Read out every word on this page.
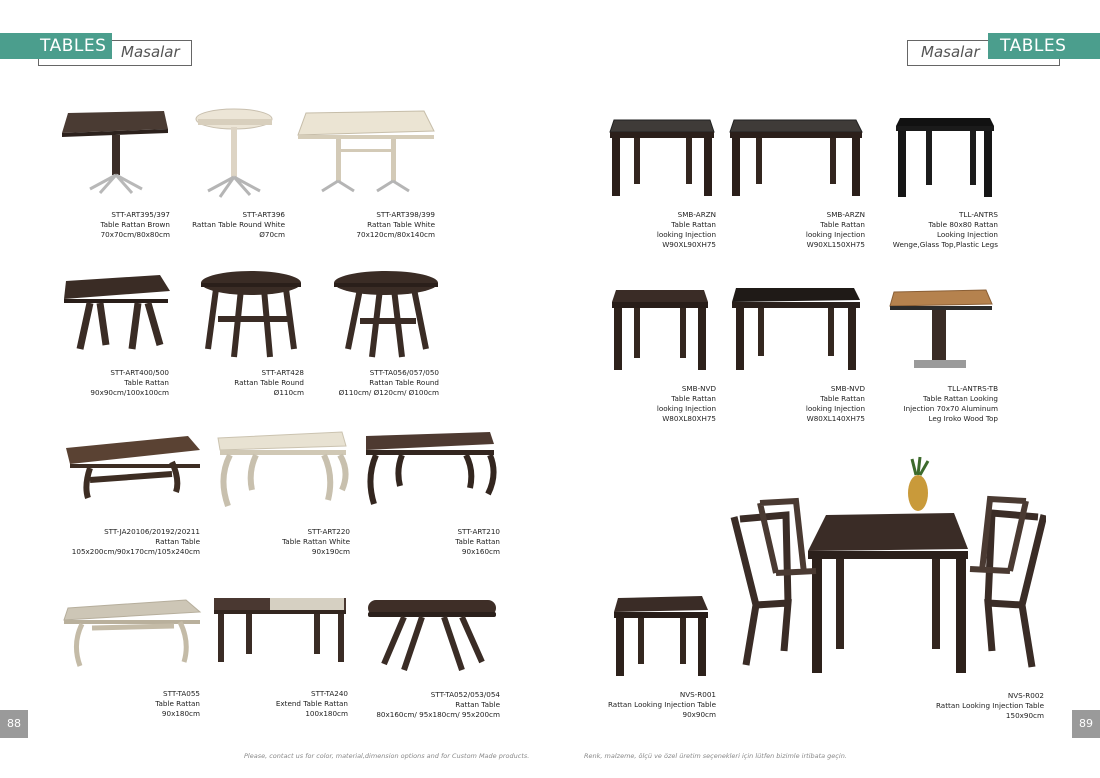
TABLES Masalar	Masalar	TABLES
88	89
Please, contact us for color, material,dimension options and for Custom Made products.	Renk, malzeme, ölçü ve özel üretim seçenekleri için lütfen bizimle irtibata geçin.
STT-ART395/397
Table Rattan Brown
70x70cm/80x80cm
STT-ART396
Rattan Table Round White
Ø70cm
STT-ART398/399
Rattan Table White
70x120cm/80x140cm
STT-ART400/500
Table Rattan
90x90cm/100x100cm
STT-ART428
Rattan Table Round
Ø110cm
STT-TA056/057/050
Rattan Table Round
Ø110cm/ Ø120cm/ Ø100cm
STT-JA20106/20192/20211
Rattan Table
105x200cm/90x170cm/105x240cm
STT-ART220
Table Rattan White
90x190cm
STT-ART210
Table Rattan
90x160cm
STT-TA055
Table Rattan
90x180cm
STT-TA240
Extend Table Rattan
100x180cm
STT-TA052/053/054
Rattan Table
80x160cm/ 95x180cm/ 95x200cm
SMB-ARZN
Table Rattan
looking Injection
W90XL90XH75
SMB-ARZN
Table Rattan
looking Injection
W90XL150XH75
TLL-ANTRS
Table 80x80 Rattan
Looking Injection
Wenge,Glass Top,Plastic Legs
SMB-NVD
Table Rattan
looking Injection
W80XL80XH75
SMB-NVD
Table Rattan
looking Injection
W80XL140XH75
TLL-ANTRS-TB
Table Rattan Looking
Injection 70x70 Aluminum
Leg Iroko Wood Top
NVS-R001
Rattan Looking Injection Table
90x90cm
NVS-R002
Rattan Looking Injection Table
150x90cm
